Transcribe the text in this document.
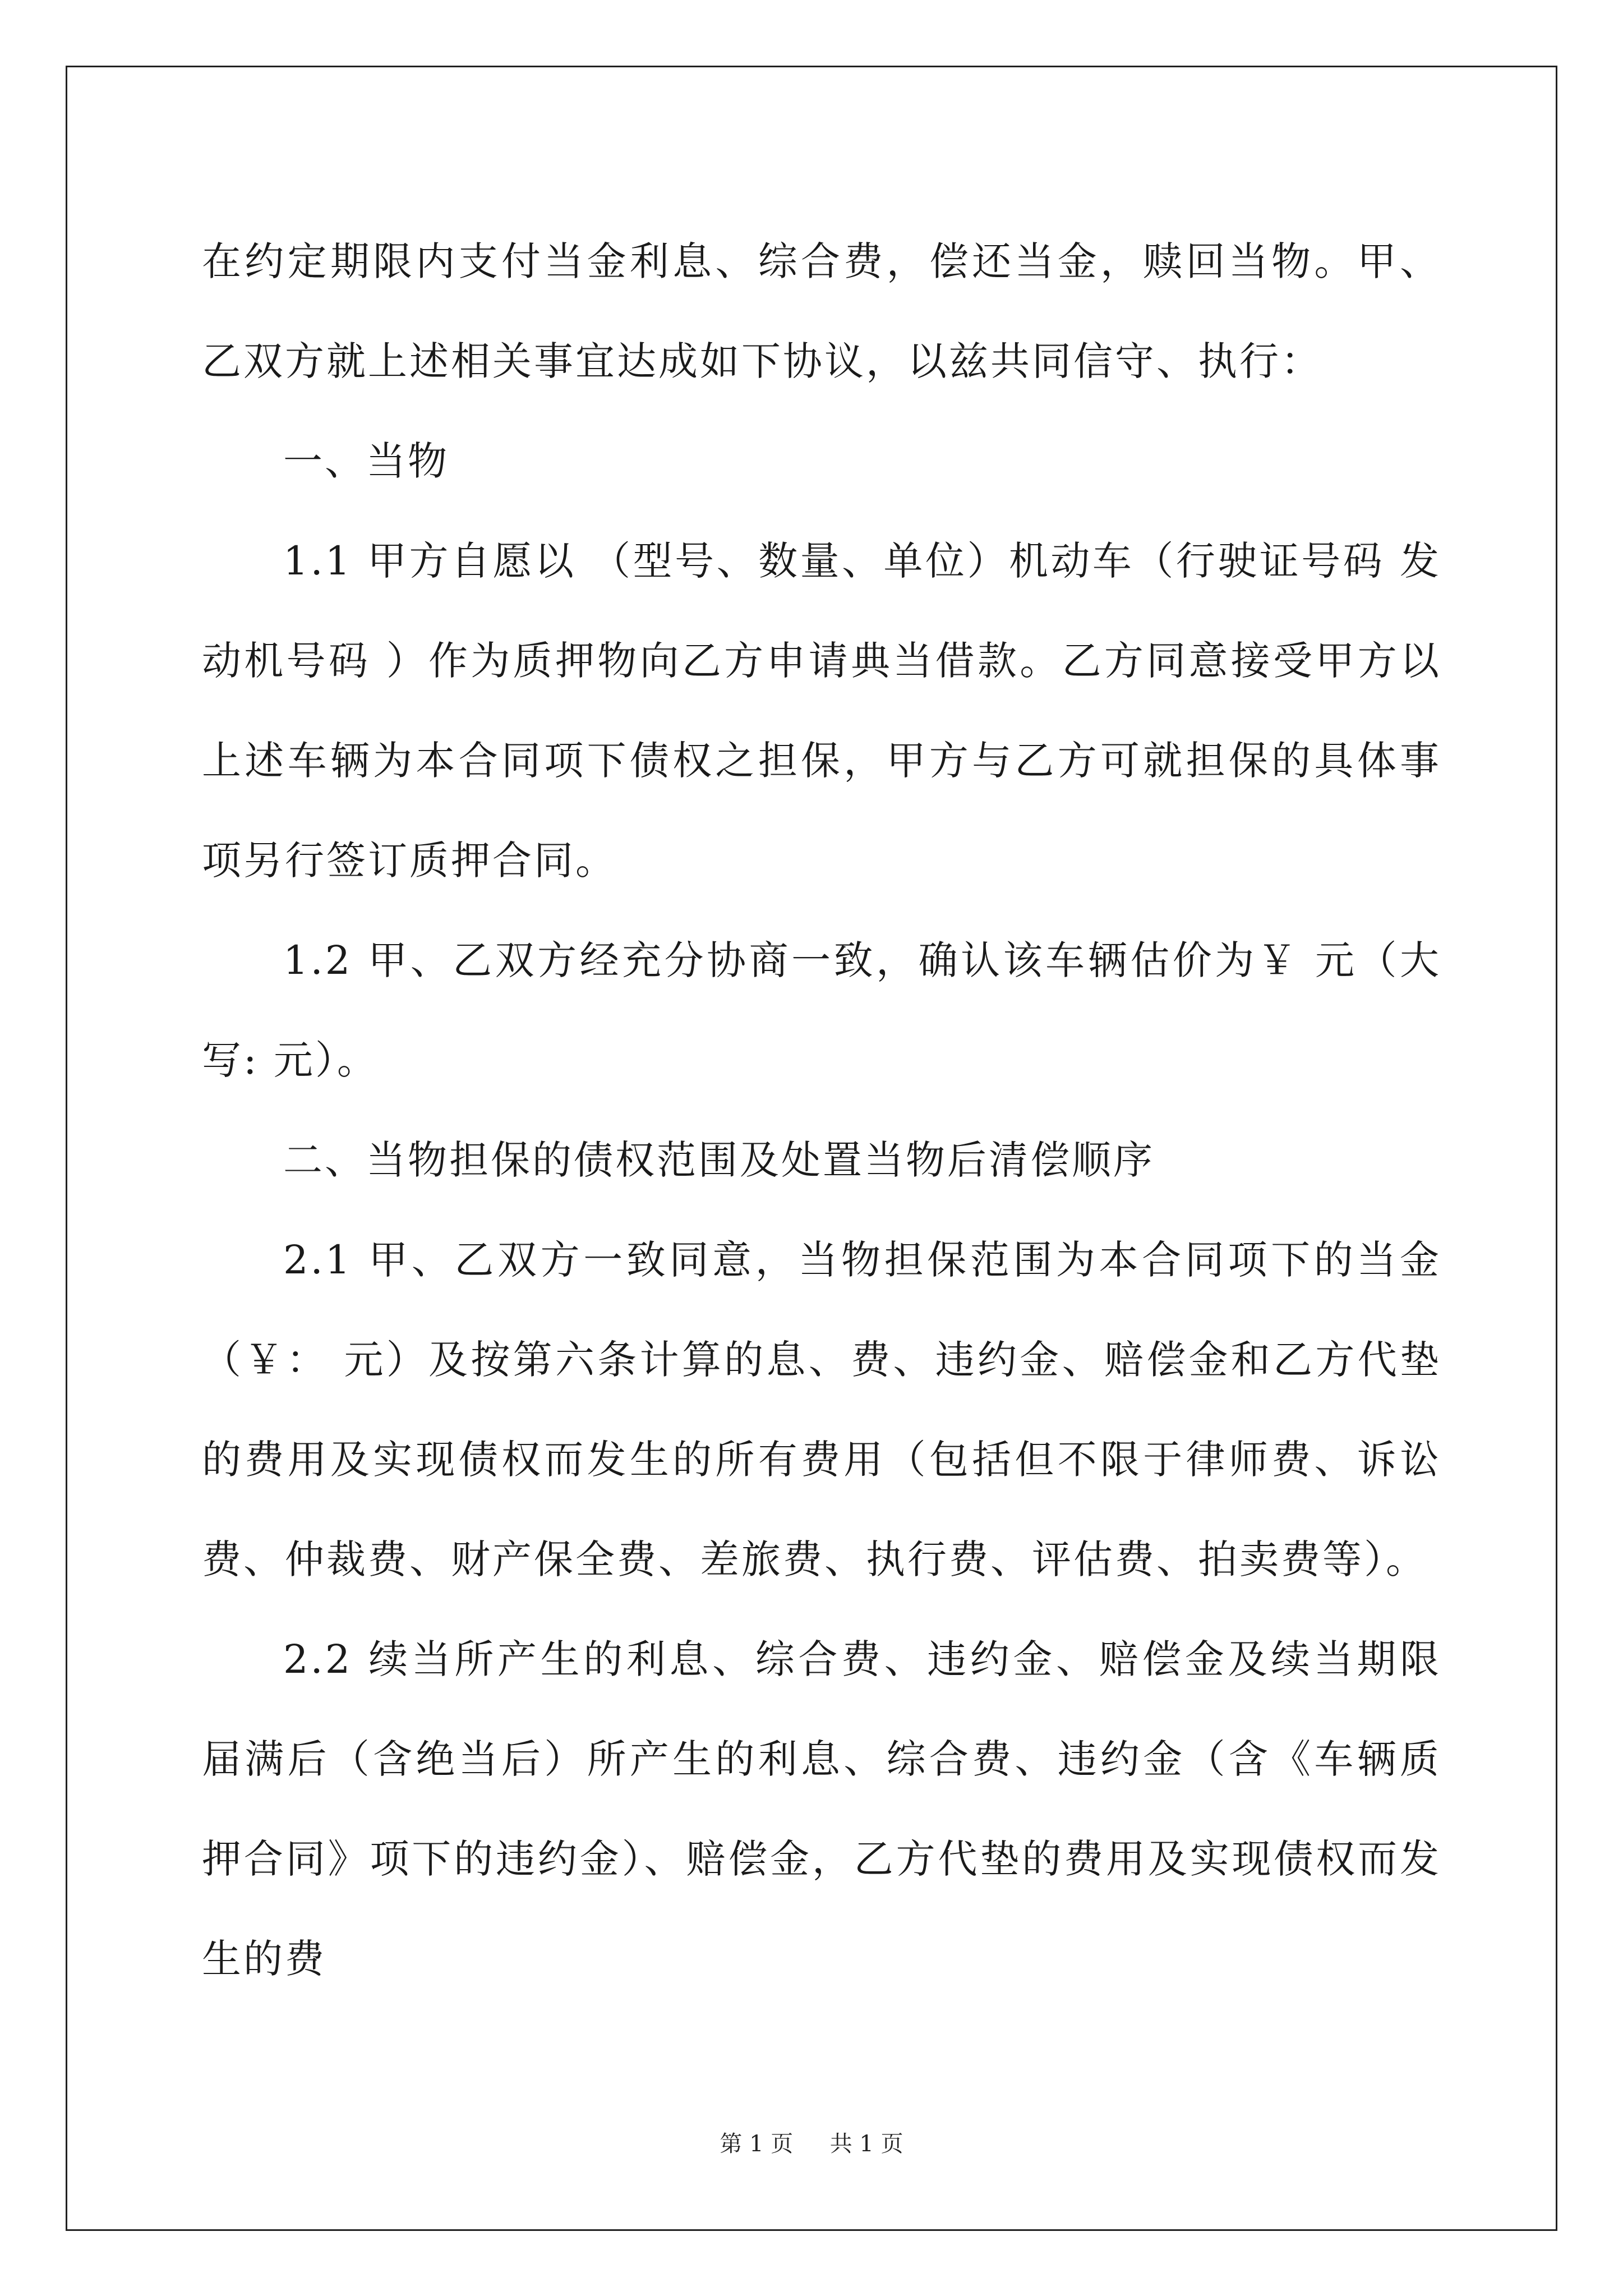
在约定期限内支付当金利息、综合费，偿还当金，赎回当物。甲、乙双方就上述相关事宜达成如下协议，以兹共同信守、执行：

一、当物

1.1 甲方自愿以 （型号、数量、单位）机动车（行驶证号码 发动机号码 ）作为质押物向乙方申请典当借款。乙方同意接受甲方以上述车辆为本合同项下债权之担保，甲方与乙方可就担保的具体事项另行签订质押合同。

1.2 甲、乙双方经充分协商一致，确认该车辆估价为￥ 元（大写: 元）。

二、当物担保的债权范围及处置当物后清偿顺序

2.1 甲、乙双方一致同意，当物担保范围为本合同项下的当金（￥： 元）及按第六条计算的息、费、违约金、赔偿金和乙方代垫的费用及实现债权而发生的所有费用（包括但不限于律师费、诉讼费、仲裁费、财产保全费、差旅费、执行费、评估费、拍卖费等）。

2.2 续当所产生的利息、综合费、违约金、赔偿金及续当期限届满后（含绝当后）所产生的利息、综合费、违约金（含《车辆质押合同》项下的违约金）、赔偿金，乙方代垫的费用及实现债权而发生的费

第 1 页 共 1 页
